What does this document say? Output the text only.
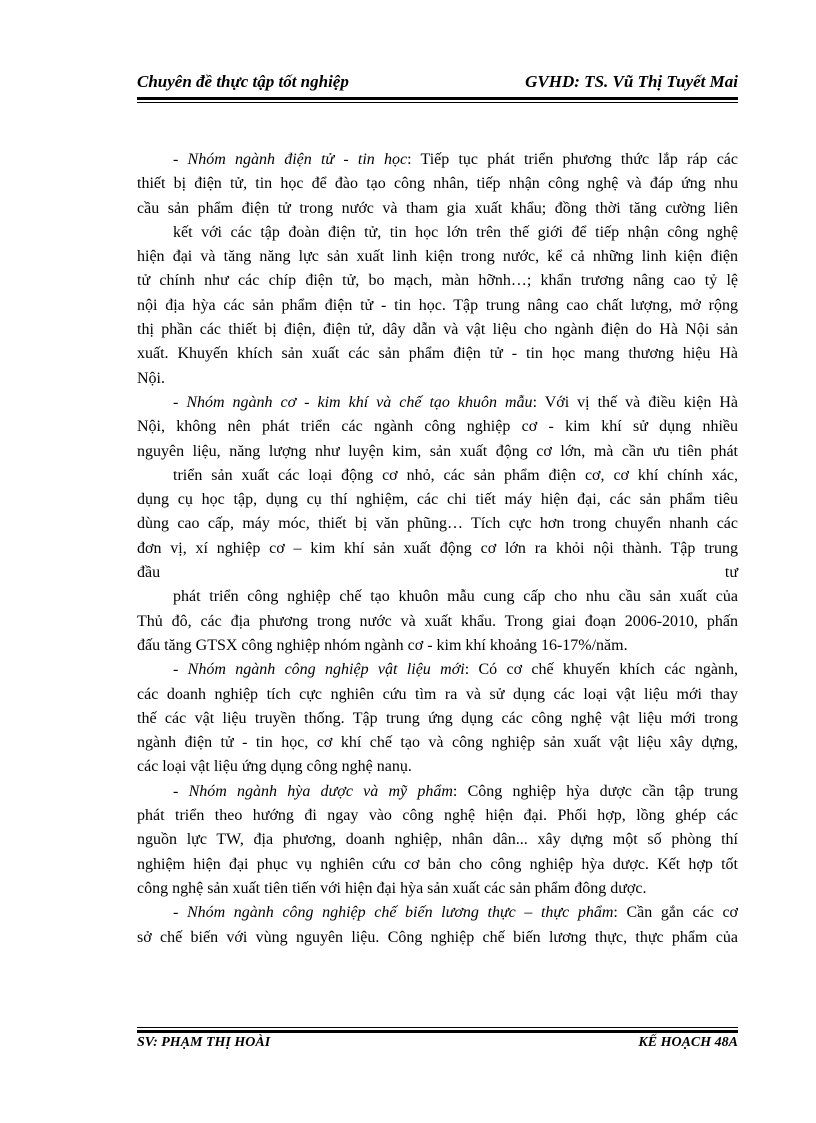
Chuyên đề thực tập tốt nghiệp	GVHD: TS. Vũ Thị Tuyết Mai
- Nhóm ngành điện tử - tin học: Tiếp tục phát triển phương thức lắp ráp các
thiết bị điện tử, tin học để đào tạo công nhân, tiếp nhận công nghệ và đáp ứng nhu
cầu sản phẩm điện tử trong nước và tham gia xuất khẩu; đồng thời tăng cường liên
kết với các tập đoàn điện tử, tin học lớn trên thế giới để tiếp nhận công nghệ
hiện đại và tăng năng lực sản xuất linh kiện trong nước, kể cả những linh kiện điện
tử chính như các chíp điện tử, bo mạch, màn hỡnh…; khẩn trương nâng cao tỷ lệ
nội địa hỳa các sản phẩm điện tử - tin học. Tập trung nâng cao chất lượng, mở rộng
thị phần các thiết bị điện, điện tử, dây dẫn và vật liệu cho ngành điện do Hà Nội sản
xuất. Khuyến khích sản xuất các sản phẩm điện tử - tin học mang thương hiệu Hà
Nội.
- Nhóm ngành cơ - kim khí và chế tạo khuôn mẫu: Với vị thế và điều kiện Hà
Nội, không nên phát triển các ngành công nghiệp cơ - kim khí sử dụng nhiều
nguyên liệu, năng lượng như luyện kim, sản xuất động cơ lớn, mà cần ưu tiên phát
triển sản xuất các loại động cơ nhỏ, các sản phẩm điện cơ, cơ khí chính xác,
dụng cụ học tập, dụng cụ thí nghiệm, các chi tiết máy hiện đại, các sản phẩm tiêu
dùng cao cấp, máy móc, thiết bị văn phũng… Tích cực hơn trong chuyển nhanh các
đơn vị, xí nghiệp cơ – kim khí sản xuất động cơ lớn ra khỏi nội thành. Tập trung
đầu tư
phát triển công nghiệp chế tạo khuôn mẫu cung cấp cho nhu cầu sản xuất của
Thủ đô, các địa phương trong nước và xuất khẩu. Trong giai đoạn 2006-2010, phấn
đấu tăng GTSX công nghiệp nhóm ngành cơ - kim khí khoảng 16-17%/năm.
- Nhóm ngành công nghiệp vật liệu mới: Có cơ chế khuyến khích các ngành,
các doanh nghiệp tích cực nghiên cứu tìm ra và sử dụng các loại vật liệu mới thay
thế các vật liệu truyền thống. Tập trung ứng dụng các công nghệ vật liệu mới trong
ngành điện tử - tin học, cơ khí chế tạo và công nghiệp sản xuất vật liệu xây dựng,
các loại vật liệu ứng dụng công nghệ nanụ.
- Nhóm ngành hỳa dược và mỹ phẩm: Công nghiệp hỳa dược cần tập trung
phát triển theo hướng đi ngay vào công nghệ hiện đại. Phối hợp, lồng ghép các
nguồn lực TW, địa phương, doanh nghiệp, nhân dân... xây dựng một số phòng thí
nghiệm hiện đại phục vụ nghiên cứu cơ bản cho công nghiệp hỳa dược. Kết hợp tốt
công nghệ sản xuất tiên tiến với hiện đại hỳa sản xuất các sản phẩm đông dược.
- Nhóm ngành công nghiệp chế biến lương thực – thực phẩm: Cần gắn các cơ
sở chế biến với vùng nguyên liệu. Công nghiệp chế biến lương thực, thực phẩm của
SV: PHẠM THỊ HOÀI	KẾ HOẠCH 48A
